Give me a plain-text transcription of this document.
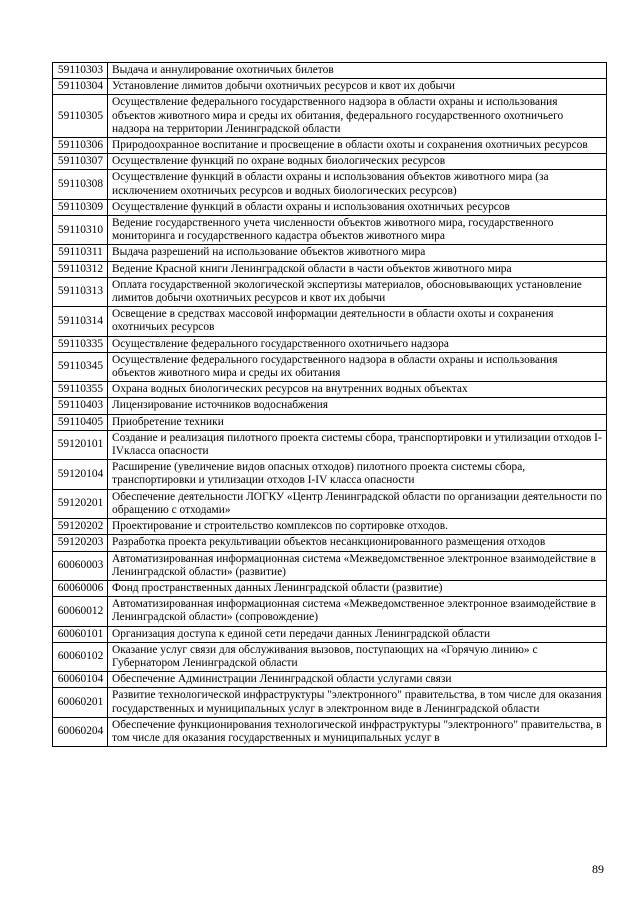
59110303	Выдача и аннулирование охотничьих билетов
59110304	Установление лимитов добычи охотничьих ресурсов и квот их добычи
59110305	Осуществление федерального государственного надзора в области охраны и использования объектов животного мира и среды их обитания, федерального государственного охотничьего надзора на территории Ленинградской области
59110306	Природоохранное воспитание и просвещение в области охоты и сохранения охотничьих ресурсов
59110307	Осуществление функций по охране водных биологических ресурсов
59110308	Осуществление функций в области охраны и использования объектов животного мира (за исключением охотничьих ресурсов и водных биологических ресурсов)
59110309	Осуществление функций в области охраны и использования охотничьих ресурсов
59110310	Ведение государственного учета численности объектов животного мира, государственного мониторинга и государственного кадастра объектов животного мира
59110311	Выдача разрешений на использование объектов животного мира
59110312	Ведение Красной книги Ленинградской области в части объектов животного мира
59110313	Оплата государственной экологической экспертизы материалов, обосновывающих установление лимитов добычи охотничьих ресурсов и квот их добычи
59110314	Освещение в средствах массовой информации деятельности в области охоты и сохранения охотничьих ресурсов
59110335	Осуществление федерального государственного охотничьего надзора
59110345	Осуществление федерального государственного надзора в области охраны и использования объектов животного мира и среды их обитания
59110355	Охрана водных биологических ресурсов на внутренних водных объектах
59110403	Лицензирование источников водоснабжения
59110405	Приобретение техники
59120101	Создание и реализация пилотного проекта системы сбора, транспортировки и утилизации отходов I-IVкласса опасности
59120104	Расширение (увеличение видов опасных отходов) пилотного проекта системы сбора, транспортировки и утилизации отходов I-IV класса опасности
59120201	Обеспечение деятельности ЛОГКУ «Центр Ленинградской области по организации деятельности по обращению с отходами»
59120202	Проектирование и строительство комплексов по сортировке отходов.
59120203	Разработка проекта рекультивации объектов несанкционированного размещения отходов
60060003	Автоматизированная информационная система «Межведомственное электронное взаимодействие в Ленинградской области» (развитие)
60060006	Фонд пространственных данных Ленинградской области (развитие)
60060012	Автоматизированная информационная система «Межведомственное электронное взаимодействие в Ленинградской области» (сопровождение)
60060101	Организация доступа к единой сети передачи данных Ленинградской области
60060102	Оказание услуг связи для обслуживания вызовов, поступающих на «Горячую линию» с Губернатором Ленинградской области
60060104	Обеспечение Администрации Ленинградской области услугами связи
60060201	Развитие технологической инфраструктуры "электронного" правительства, в том числе для оказания государственных и муниципальных услуг в электронном виде в Ленинградской области
60060204	Обеспечение функционирования технологической инфраструктуры "электронного" правительства, в том числе для оказания государственных и муниципальных услуг в
89
